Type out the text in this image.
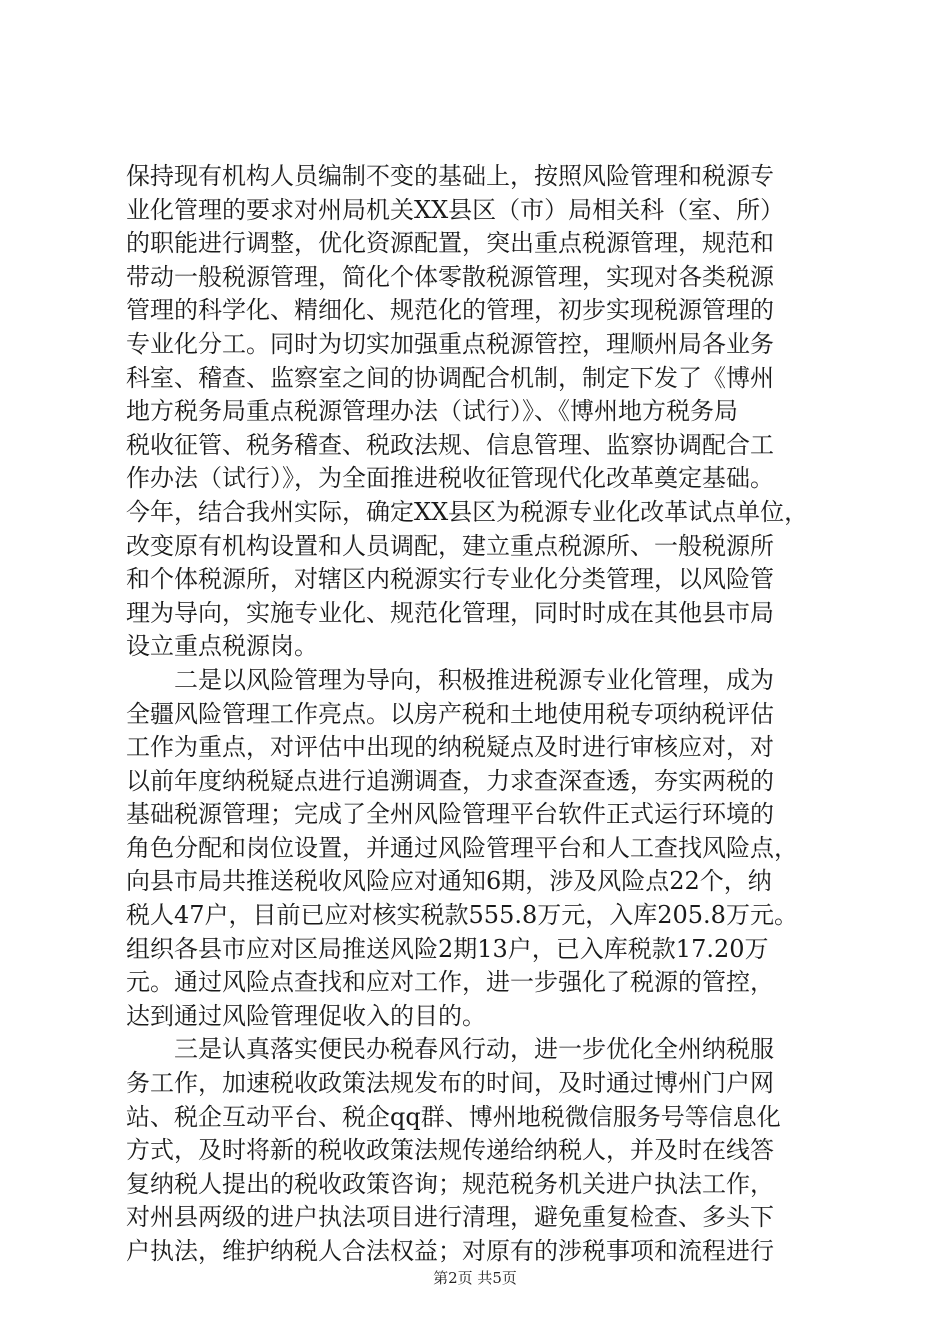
保持现有机构人员编制不变的基础上，按照风险管理和税源专
业化管理的要求对州局机关XX县区（市）局相关科（室、所）
的职能进行调整，优化资源配置，突出重点税源管理，规范和
带动一般税源管理，简化个体零散税源管理，实现对各类税源
管理的科学化、精细化、规范化的管理，初步实现税源管理的
专业化分工。同时为切实加强重点税源管控，理顺州局各业务
科室、稽查、监察室之间的协调配合机制，制定下发了《博州
地方税务局重点税源管理办法（试行）》、《博州地方税务局
税收征管、税务稽查、税政法规、信息管理、监察协调配合工
作办法（试行）》，为全面推进税收征管现代化改革奠定基础。
今年，结合我州实际，确定XX县区为税源专业化改革试点单位，
改变原有机构设置和人员调配，建立重点税源所、一般税源所
和个体税源所，对辖区内税源实行专业化分类管理，以风险管
理为导向，实施专业化、规范化管理，同时时成在其他县市局
设立重点税源岗。
　　二是以风险管理为导向，积极推进税源专业化管理，成为
全疆风险管理工作亮点。以房产税和土地使用税专项纳税评估
工作为重点，对评估中出现的纳税疑点及时进行审核应对，对
以前年度纳税疑点进行追溯调查，力求查深查透，夯实两税的
基础税源管理；完成了全州风险管理平台软件正式运行环境的
角色分配和岗位设置，并通过风险管理平台和人工查找风险点，
向县市局共推送税收风险应对通知6期，涉及风险点22个，纳
税人47户，目前已应对核实税款555.8万元，入库205.8万元。
组织各县市应对区局推送风险2期13户，已入库税款17.20万
元。通过风险点查找和应对工作，进一步强化了税源的管控，
达到通过风险管理促收入的目的。
　　三是认真落实便民办税春风行动，进一步优化全州纳税服
务工作，加速税收政策法规发布的时间，及时通过博州门户网
站、税企互动平台、税企qq群、博州地税微信服务号等信息化
方式，及时将新的税收政策法规传递给纳税人，并及时在线答
复纳税人提出的税收政策咨询；规范税务机关进户执法工作，
对州县两级的进户执法项目进行清理，避免重复检查、多头下
户执法，维护纳税人合法权益；对原有的涉税事项和流程进行
第2页 共5页
